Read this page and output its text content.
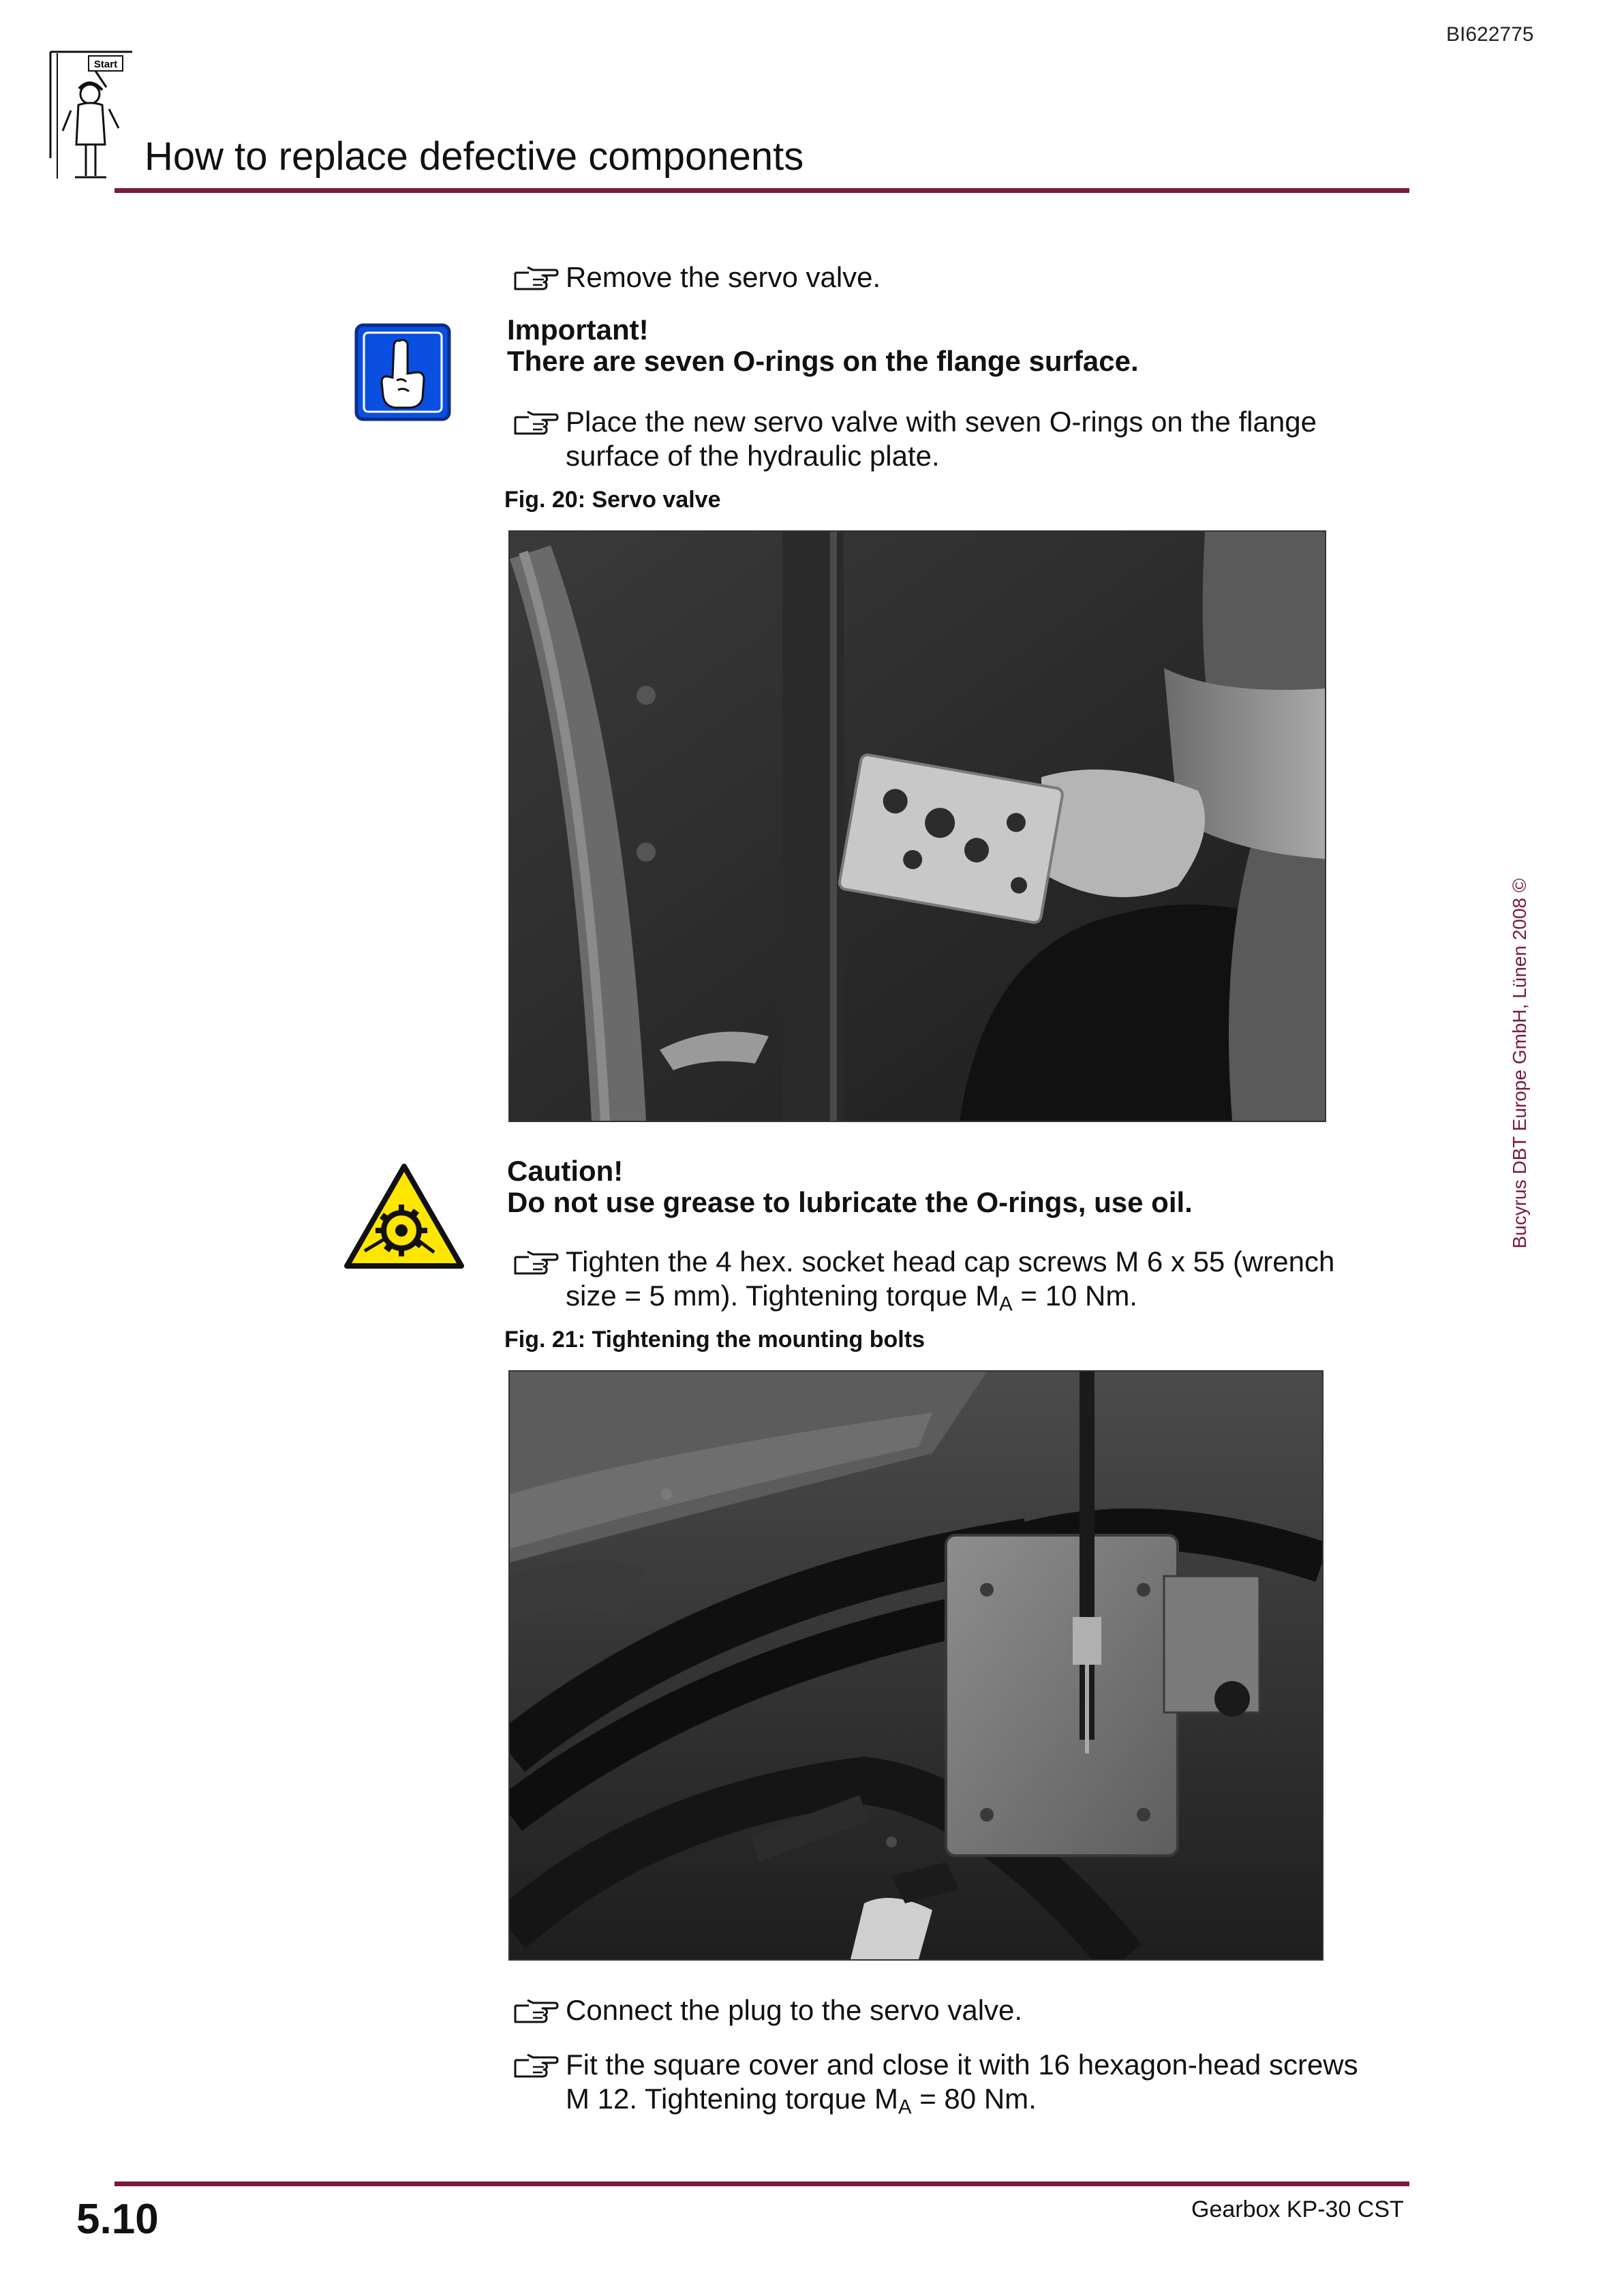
BI622775
Start
How to replace defective components
Remove the servo valve.
Important!
There are seven O-rings on the flange surface.
Place the new servo valve with seven O-rings on the flange
surface of the hydraulic plate.
Fig. 20: Servo valve
Caution!
Do not use grease to lubricate the O-rings, use oil.
Tighten the 4 hex. socket head cap screws M 6 x 55 (wrench
size = 5 mm). Tightening torque $M_A = 10$ Nm.
Fig. 21: Tightening the mounting bolts
Connect the plug to the servo valve.
Fit the square cover and close it with 16 hexagon-head screws
M 12. Tightening torque $M_A = 80$ Nm.
Bucyrus DBT Europe GmbH, Lünen 2008 ©
5.10	Gearbox KP-30 CST
